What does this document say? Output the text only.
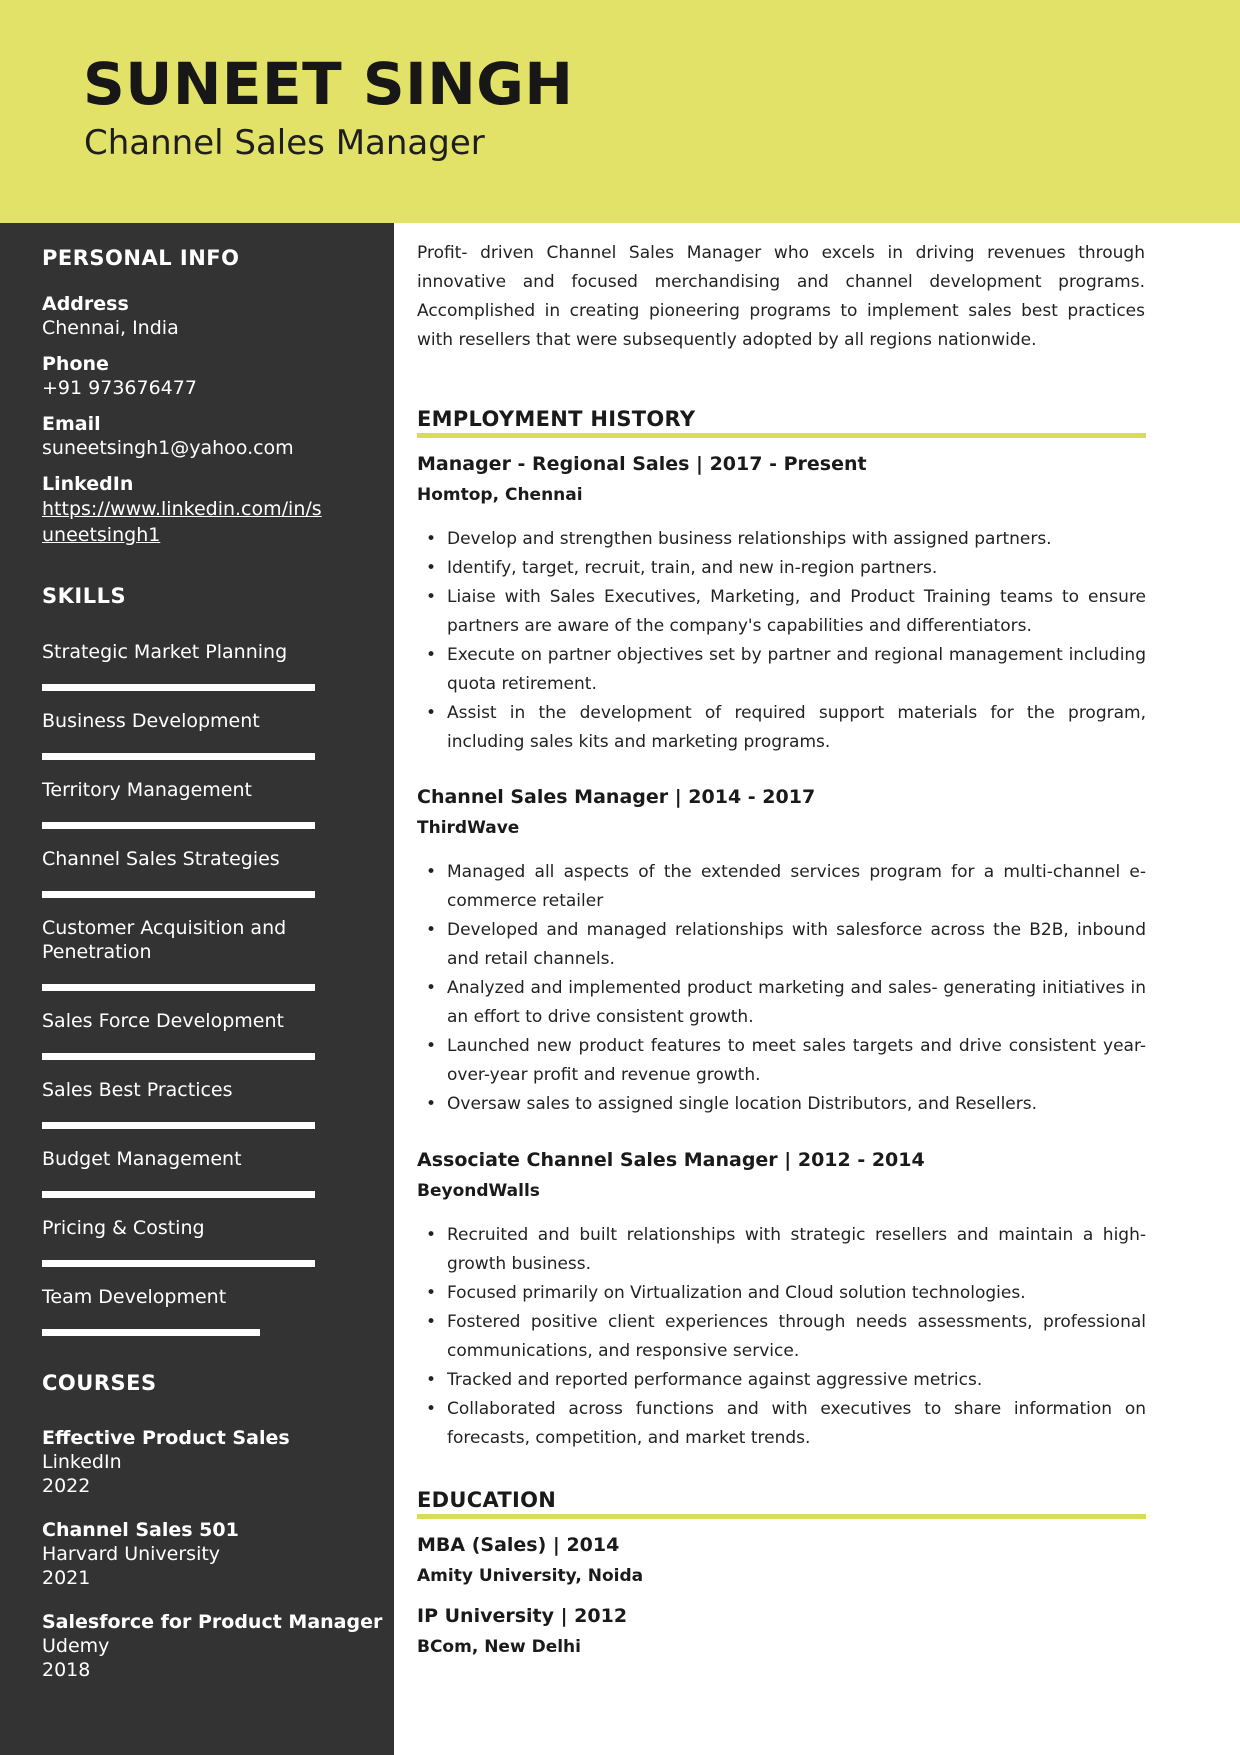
SUNEET SINGH
Channel Sales Manager
PERSONAL INFO
Address
Chennai, India
Phone
+91 973676477
Email
suneetsingh1@yahoo.com
LinkedIn
https://www.linkedin.com/in/suneetsingh1
SKILLS
Strategic Market Planning
Business Development
Territory Management
Channel Sales Strategies
Customer Acquisition and Penetration
Sales Force Development
Sales Best Practices
Budget Management
Pricing & Costing
Team Development
COURSES
Effective Product Sales
LinkedIn
2022
Channel Sales 501
Harvard University
2021
Salesforce for Product Manager
Udemy
2018
Profit- driven Channel Sales Manager who excels in driving revenues through innovative and focused merchandising and channel development programs. Accomplished in creating pioneering programs to implement sales best practices with resellers that were subsequently adopted by all regions nationwide.
EMPLOYMENT HISTORY
Manager - Regional Sales | 2017 - Present
Homtop, Chennai
• Develop and strengthen business relationships with assigned partners.
• Identify, target, recruit, train, and new in-region partners.
• Liaise with Sales Executives, Marketing, and Product Training teams to ensure partners are aware of the company's capabilities and differentiators.
• Execute on partner objectives set by partner and regional management including quota retirement.
• Assist in the development of required support materials for the program, including sales kits and marketing programs.
Channel Sales Manager | 2014 - 2017
ThirdWave
• Managed all aspects of the extended services program for a multi-channel e-commerce retailer
• Developed and managed relationships with salesforce across the B2B, inbound and retail channels.
• Analyzed and implemented product marketing and sales- generating initiatives in an effort to drive consistent growth.
• Launched new product features to meet sales targets and drive consistent year-over-year profit and revenue growth.
• Oversaw sales to assigned single location Distributors, and Resellers.
Associate Channel Sales Manager | 2012 - 2014
BeyondWalls
• Recruited and built relationships with strategic resellers and maintain a high-growth business.
• Focused primarily on Virtualization and Cloud solution technologies.
• Fostered positive client experiences through needs assessments, professional communications, and responsive service.
• Tracked and reported performance against aggressive metrics.
• Collaborated across functions and with executives to share information on forecasts, competition, and market trends.
EDUCATION
MBA (Sales) | 2014
Amity University, Noida
IP University | 2012
BCom, New Delhi
